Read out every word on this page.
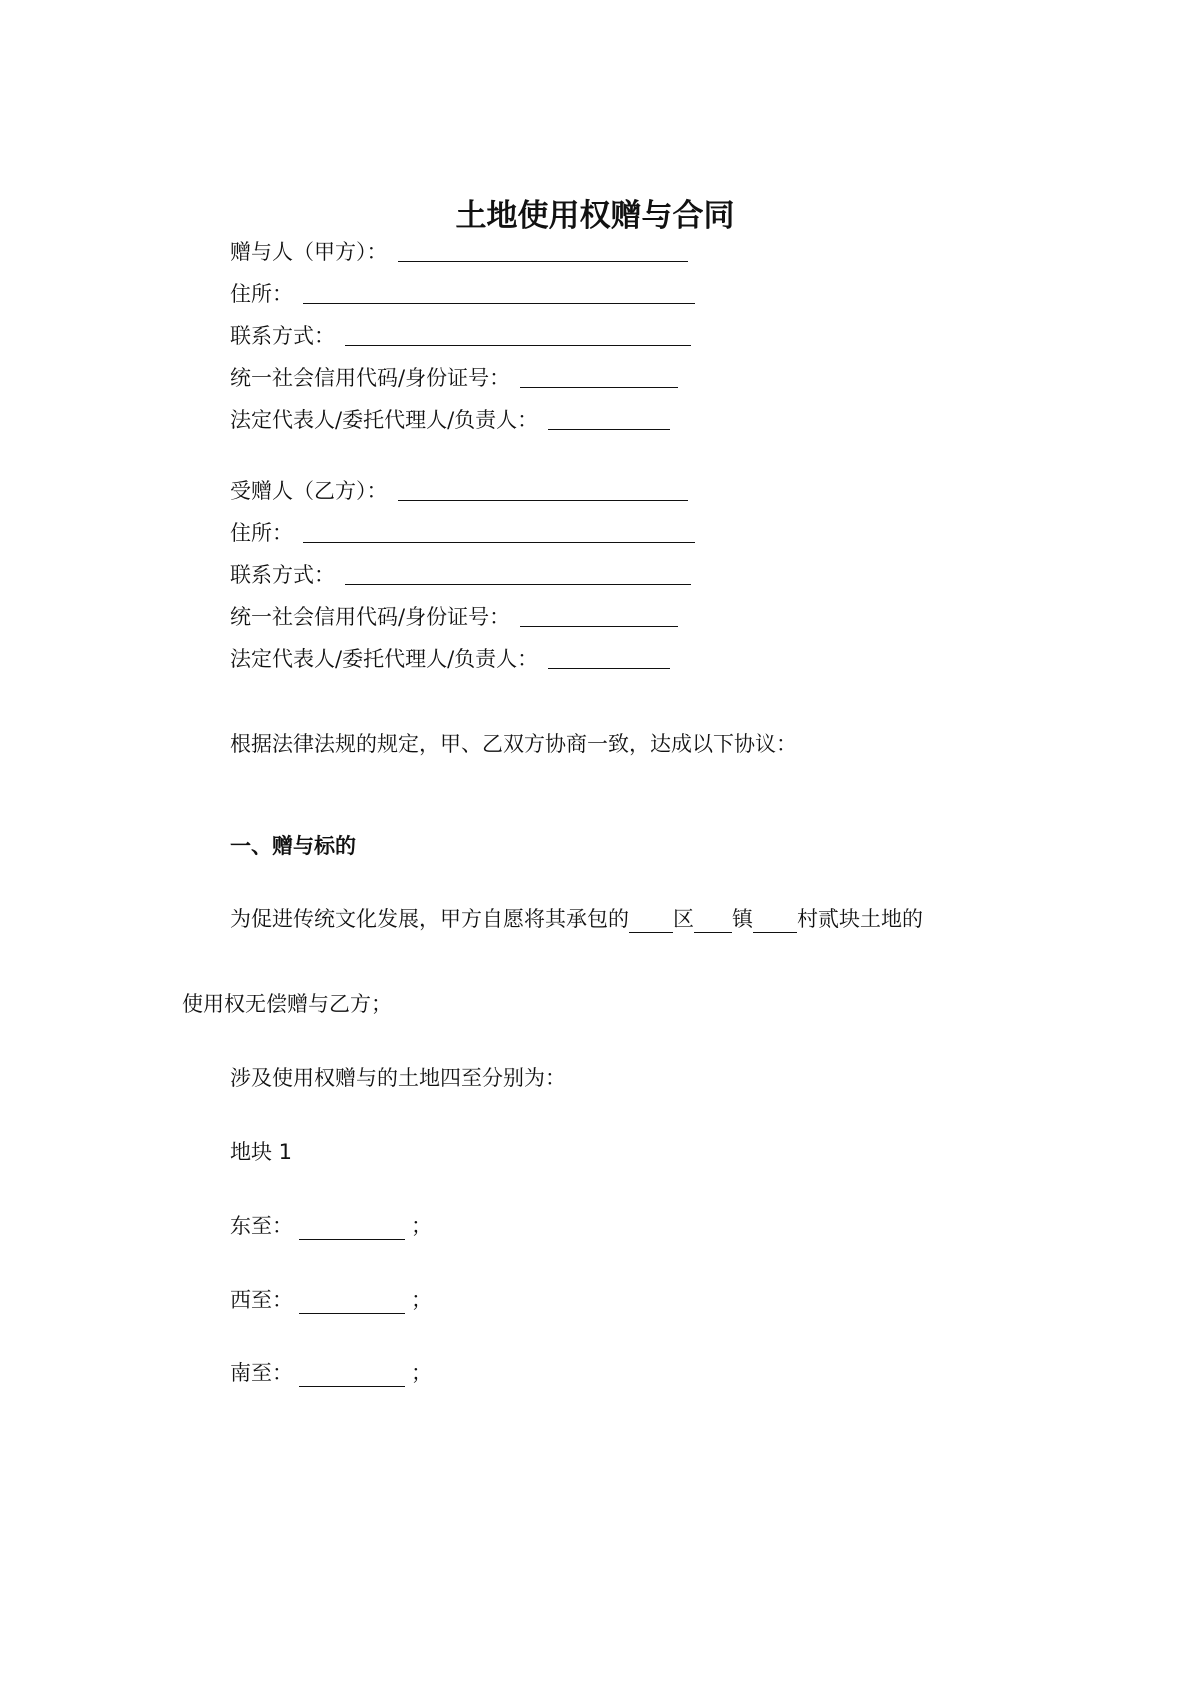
土地使用权赠与合同
赠与人（甲方）：
住所：
联系方式：
统一社会信用代码/身份证号：
法定代表人/委托代理人/负责人：
受赠人（乙方）：
住所：
联系方式：
统一社会信用代码/身份证号：
法定代表人/委托代理人/负责人：
根据法律法规的规定，甲、乙双方协商一致，达成以下协议：
一、赠与标的
为促进传统文化发展，甲方自愿将其承包的 区 镇 村贰块土地的
使用权无偿赠与乙方；
涉及使用权赠与的土地四至分别为：
地块 1
东至：	；
西至：	；
南至：	；
